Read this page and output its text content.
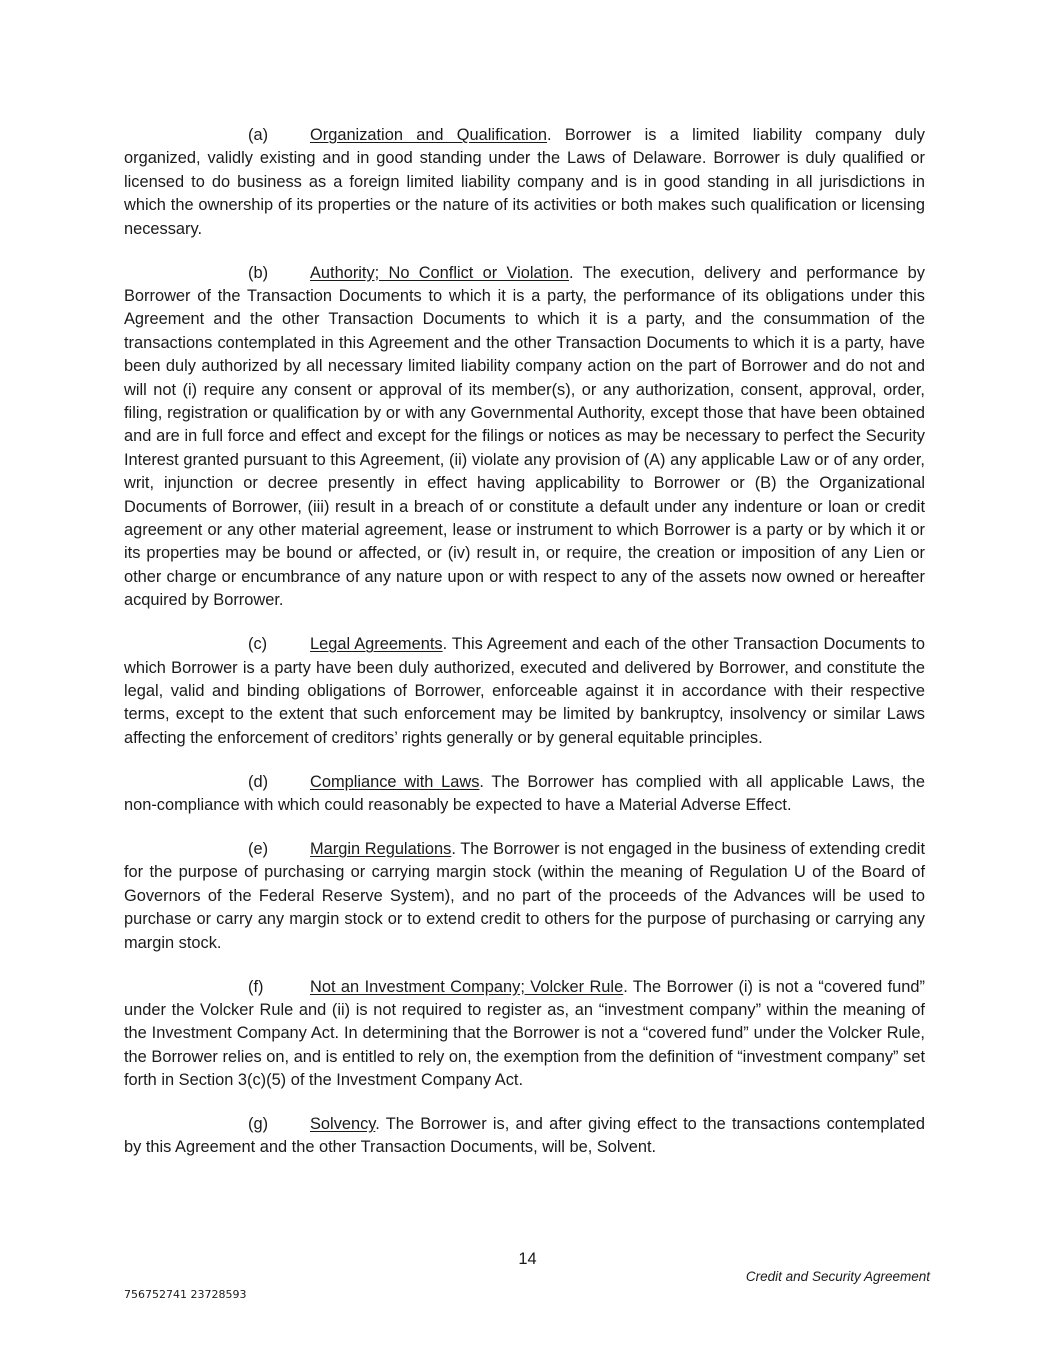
(a)	Organization and Qualification. Borrower is a limited liability company duly organized, validly existing and in good standing under the Laws of Delaware. Borrower is duly qualified or licensed to do business as a foreign limited liability company and is in good standing in all jurisdictions in which the ownership of its properties or the nature of its activities or both makes such qualification or licensing necessary.

(b)	Authority; No Conflict or Violation. The execution, delivery and performance by Borrower of the Transaction Documents to which it is a party, the performance of its obligations under this Agreement and the other Transaction Documents to which it is a party, and the consummation of the transactions contemplated in this Agreement and the other Transaction Documents to which it is a party, have been duly authorized by all necessary limited liability company action on the part of Borrower and do not and will not (i) require any consent or approval of its member(s), or any authorization, consent, approval, order, filing, registration or qualification by or with any Governmental Authority, except those that have been obtained and are in full force and effect and except for the filings or notices as may be necessary to perfect the Security Interest granted pursuant to this Agreement, (ii) violate any provision of (A) any applicable Law or of any order, writ, injunction or decree presently in effect having applicability to Borrower or (B) the Organizational Documents of Borrower, (iii) result in a breach of or constitute a default under any indenture or loan or credit agreement or any other material agreement, lease or instrument to which Borrower is a party or by which it or its properties may be bound or affected, or (iv) result in, or require, the creation or imposition of any Lien or other charge or encumbrance of any nature upon or with respect to any of the assets now owned or hereafter acquired by Borrower.

(c)	Legal Agreements. This Agreement and each of the other Transaction Documents to which Borrower is a party have been duly authorized, executed and delivered by Borrower, and constitute the legal, valid and binding obligations of Borrower, enforceable against it in accordance with their respective terms, except to the extent that such enforcement may be limited by bankruptcy, insolvency or similar Laws affecting the enforcement of creditors’ rights generally or by general equitable principles.

(d)	Compliance with Laws. The Borrower has complied with all applicable Laws, the non-compliance with which could reasonably be expected to have a Material Adverse Effect.

(e)	Margin Regulations. The Borrower is not engaged in the business of extending credit for the purpose of purchasing or carrying margin stock (within the meaning of Regulation U of the Board of Governors of the Federal Reserve System), and no part of the proceeds of the Advances will be used to purchase or carry any margin stock or to extend credit to others for the purpose of purchasing or carrying any margin stock.

(f)	Not an Investment Company; Volcker Rule. The Borrower (i) is not a “covered fund” under the Volcker Rule and (ii) is not required to register as, an “investment company” within the meaning of the Investment Company Act. In determining that the Borrower is not a “covered fund” under the Volcker Rule, the Borrower relies on, and is entitled to rely on, the exemption from the definition of “investment company” set forth in Section 3(c)(5) of the Investment Company Act.

(g)	Solvency. The Borrower is, and after giving effect to the transactions contemplated by this Agreement and the other Transaction Documents, will be, Solvent.

14
Credit and Security Agreement
756752741 23728593
